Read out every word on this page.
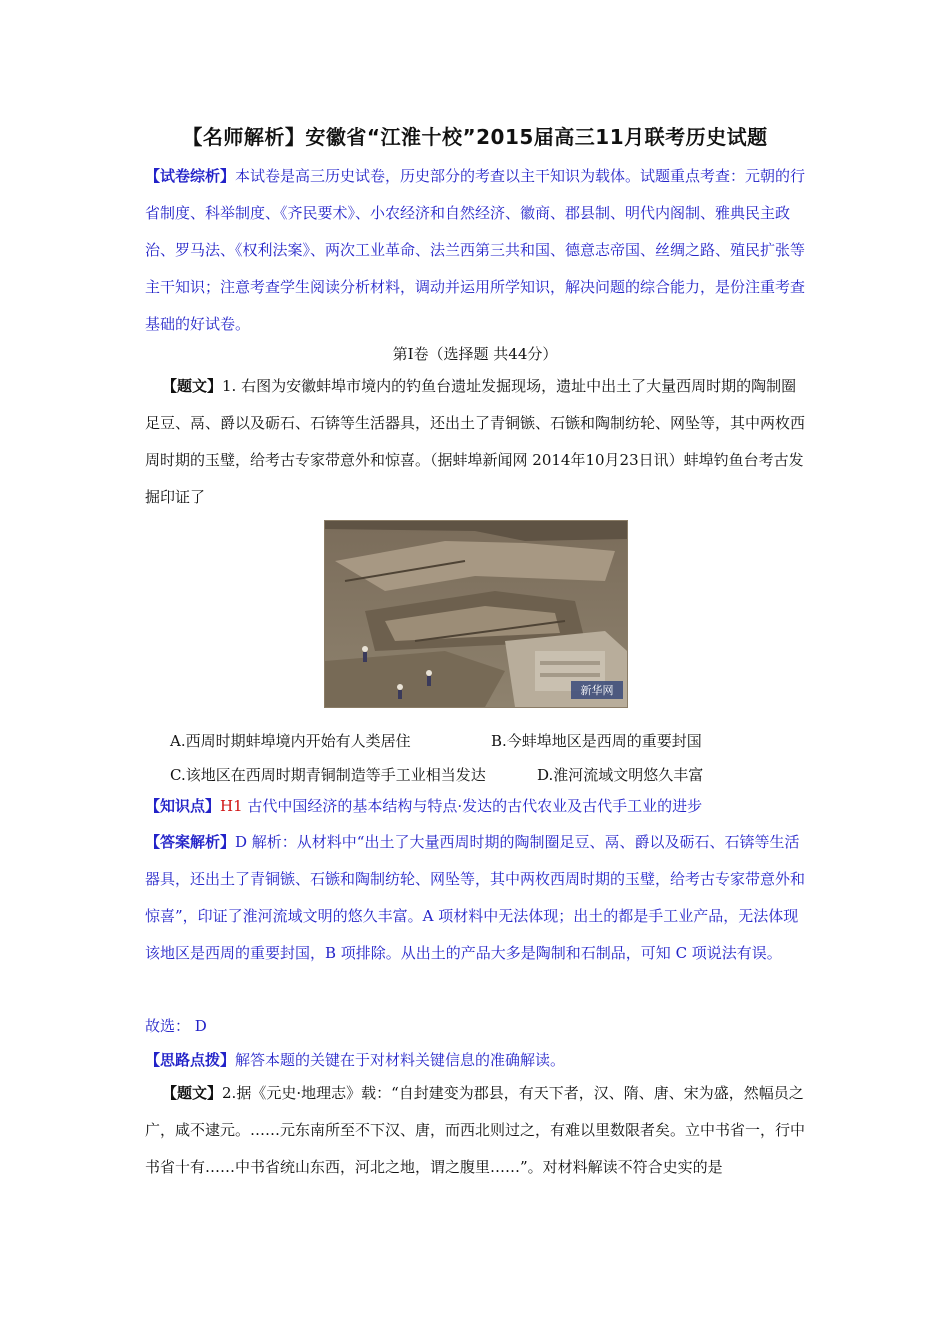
【名师解析】安徽省“江淮十校”2015届高三11月联考历史试题
【试卷综析】本试卷是高三历史试卷，历史部分的考查以主干知识为载体。试题重点考查：元朝的行省制度、科举制度、《齐民要术》、小农经济和自然经济、徽商、郡县制、明代内阁制、雅典民主政治、罗马法、《权利法案》、两次工业革命、法兰西第三共和国、德意志帝国、丝绸之路、殖民扩张等主干知识；注意考查学生阅读分析材料，调动并运用所学知识，解决问题的综合能力，是份注重考查基础的好试卷。
第Ⅰ卷（选择题 共44分）
【题文】1. 右图为安徽蚌埠市境内的钓鱼台遗址发掘现场，遗址中出土了大量西周时期的陶制圈足豆、鬲、爵以及砺石、石锛等生活器具，还出土了青铜镞、石镞和陶制纺轮、网坠等，其中两枚西周时期的玉璧，给考古专家带意外和惊喜。（据蚌埠新闻网 2014年10月23日讯）蚌埠钓鱼台考古发掘印证了
新华网
A.西周时期蚌埠境内开始有人类居住	B.今蚌埠地区是西周的重要封国
C.该地区在西周时期青铜制造等手工业相当发达	D.淮河流域文明悠久丰富
【知识点】H1 古代中国经济的基本结构与特点·发达的古代农业及古代手工业的进步
【答案解析】D 解析：从材料中“出土了大量西周时期的陶制圈足豆、鬲、爵以及砺石、石锛等生活器具，还出土了青铜镞、石镞和陶制纺轮、网坠等，其中两枚西周时期的玉璧，给考古专家带意外和惊喜”，印证了淮河流域文明的悠久丰富。A 项材料中无法体现；出土的都是手工业产品，无法体现该地区是西周的重要封国，B 项排除。从出土的产品大多是陶制和石制品，可知 C 项说法有误。
故选： D
【思路点拨】解答本题的关键在于对材料关键信息的准确解读。
【题文】2.据《元史·地理志》载：“自封建变为郡县，有天下者，汉、隋、唐、宋为盛，然幅员之广，咸不逮元。……元东南所至不下汉、唐，而西北则过之，有难以里数限者矣。立中书省一，行中书省十有……中书省统山东西，河北之地，谓之腹里……”。对材料解读不符合史实的是
